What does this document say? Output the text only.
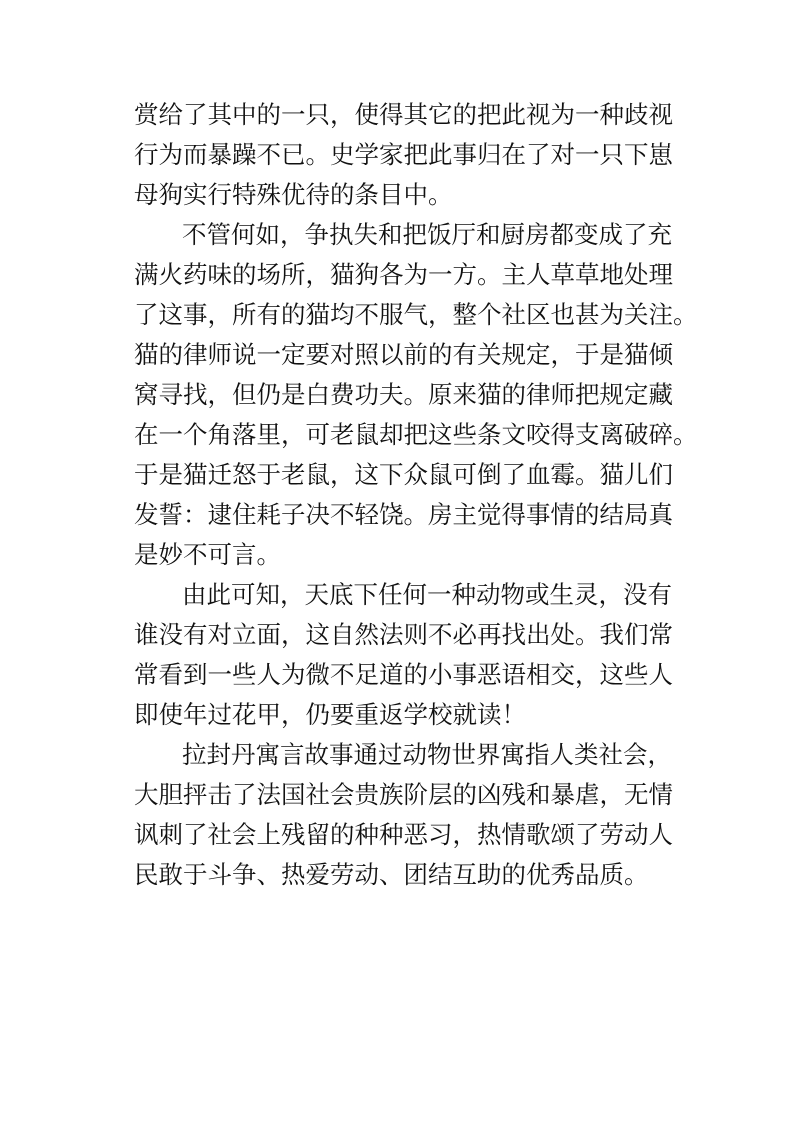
赏给了其中的一只，使得其它的把此视为一种歧视
行为而暴躁不已。史学家把此事归在了对一只下崽
母狗实行特殊优待的条目中。
不管何如，争执失和把饭厅和厨房都变成了充
满火药味的场所，猫狗各为一方。主人草草地处理
了这事，所有的猫均不服气，整个社区也甚为关注。
猫的律师说一定要对照以前的有关规定，于是猫倾
窝寻找，但仍是白费功夫。原来猫的律师把规定藏
在一个角落里，可老鼠却把这些条文咬得支离破碎。
于是猫迁怒于老鼠，这下众鼠可倒了血霉。猫儿们
发誓：逮住耗子决不轻饶。房主觉得事情的结局真
是妙不可言。
由此可知，天底下任何一种动物或生灵，没有
谁没有对立面，这自然法则不必再找出处。我们常
常看到一些人为微不足道的小事恶语相交，这些人
即使年过花甲，仍要重返学校就读！
拉封丹寓言故事通过动物世界寓指人类社会，
大胆抨击了法国社会贵族阶层的凶残和暴虐，无情
讽刺了社会上残留的种种恶习，热情歌颂了劳动人
民敢于斗争、热爱劳动、团结互助的优秀品质。
